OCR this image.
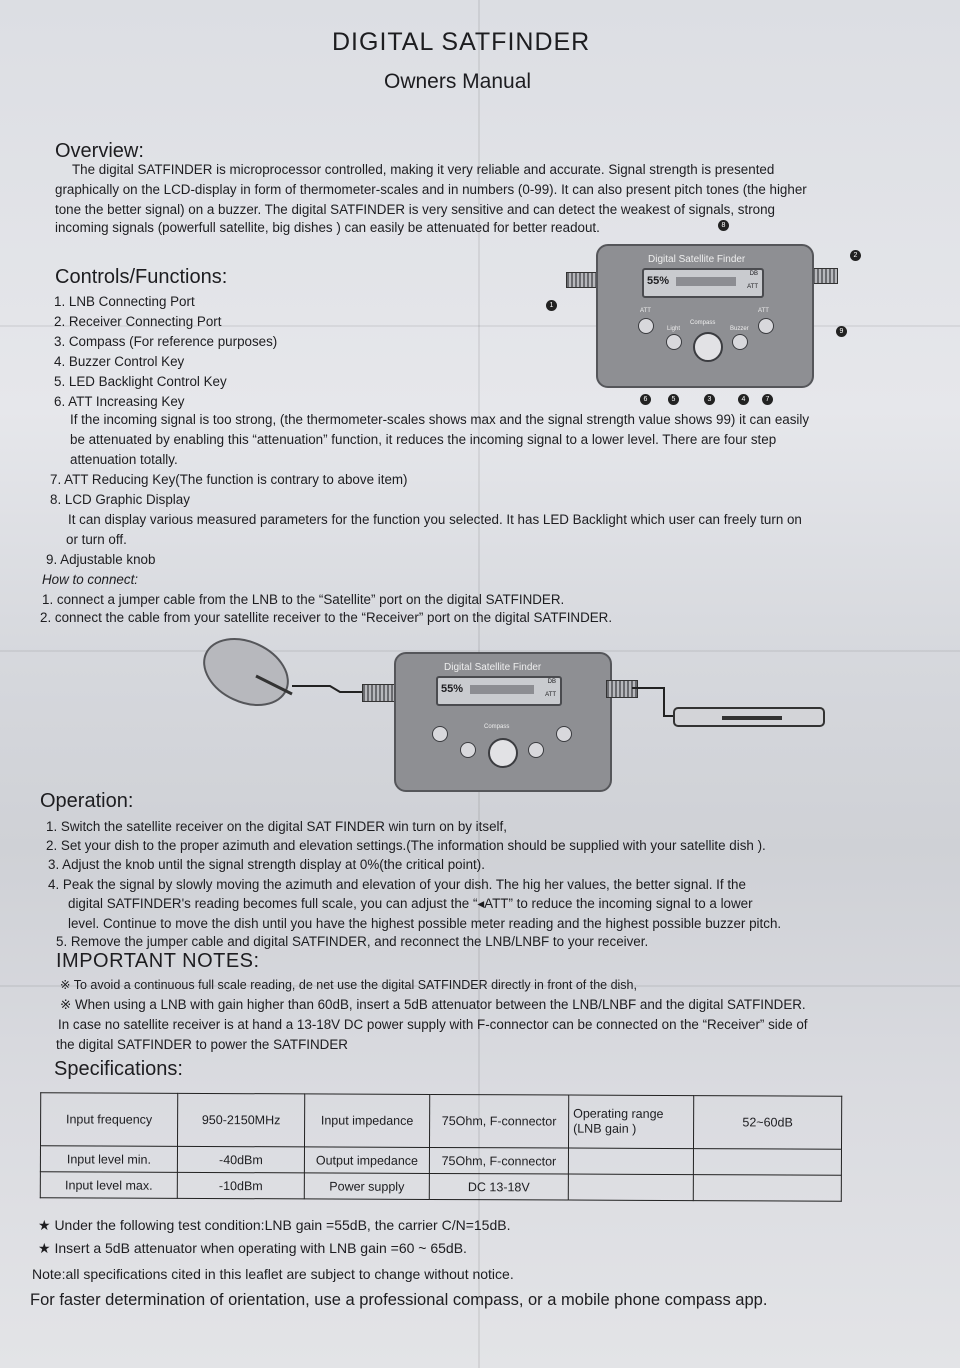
DIGITAL SATFINDER
Owners Manual
Overview:
The digital SATFINDER is microprocessor controlled, making it very reliable and accurate. Signal strength is presented
graphically on the LCD-display in form of thermometer-scales and in numbers (0-99). It can also present pitch tones (the higher
tone the better signal) on a buzzer. The digital SATFINDER is very sensitive and can detect the weakest of signals, strong
incoming signals (powerfull satellite, big dishes ) can easily be attenuated for better readout.
Controls/Functions:
1. LNB Connecting Port
2. Receiver Connecting Port
3. Compass (For reference purposes)
4. Buzzer Control Key
5. LED Backlight Control Key
6. ATT Increasing Key
If the incoming signal is too strong, (the thermometer-scales shows max and the signal strength value shows 99) it can easily
be attenuated by enabling this “attenuation” function, it reduces the incoming signal to a lower level. There are four step
attenuation totally.
7. ATT Reducing Key(The function is contrary to above item)
8. LCD Graphic Display
It can display various measured parameters for the function you selected. It has LED Backlight which user can freely turn on
or turn off.
9. Adjustable knob
How to connect:
1. connect a jumper cable from the LNB to the “Satellite” port on the digital SATFINDER.
2. connect the cable from your satellite receiver to the “Receiver” port on the digital SATFINDER.
Digital Satellite Finder
55%
DB
ATT
ATT
Light
Compass
Buzzer
ATT
1
2
3	4
5
6	7
8
9
Digital Satellite Finder
55%
DB
ATT
Compass
Operation:
1. Switch the satellite receiver on the digital SAT FINDER win turn on by itself,
2. Set your dish to the proper azimuth and elevation settings.(The information should be supplied with your satellite dish ).
3. Adjust the knob until the signal strength display at 0%(the critical point).
4. Peak the signal by slowly moving the azimuth and elevation of your dish. The hig her values, the better signal. If the
digital SATFINDER's reading becomes full scale, you can adjust the “◂ATT” to reduce the incoming signal to a lower
level. Continue to move the dish until you have the highest possible meter reading and the highest possible buzzer pitch.
5. Remove the jumper cable and digital SATFINDER, and reconnect the LNB/LNBF to your receiver.
IMPORTANT NOTES:
※ To avoid a continuous full scale reading, de net use the digital SATFINDER directly in front of the dish,
※ When using a LNB with gain higher than 60dB, insert a 5dB attenuator between the LNB/LNBF and the digital SATFINDER.
In case no satellite receiver is at hand a 13-18V DC power supply with F-connector can be connected on the “Receiver” side of
the digital SATFINDER to power the SATFINDER
Specifications:
Input frequency	950-2150MHz	Input impedance	75Ohm, F-connector	Operating range
(LNB gain )	52~60dB
Input level min.	-40dBm	Output impedance	75Ohm, F-connector		
Input level max.	-10dBm	Power supply	DC 13-18V		
★ Under the following test condition:LNB gain =55dB, the carrier C/N=15dB.
★ Insert a 5dB attenuator when operating with LNB gain =60 ~ 65dB.
Note:all specifications cited in this leaflet are subject to change without notice.
For faster determination of orientation, use a professional compass, or a mobile phone compass app.
